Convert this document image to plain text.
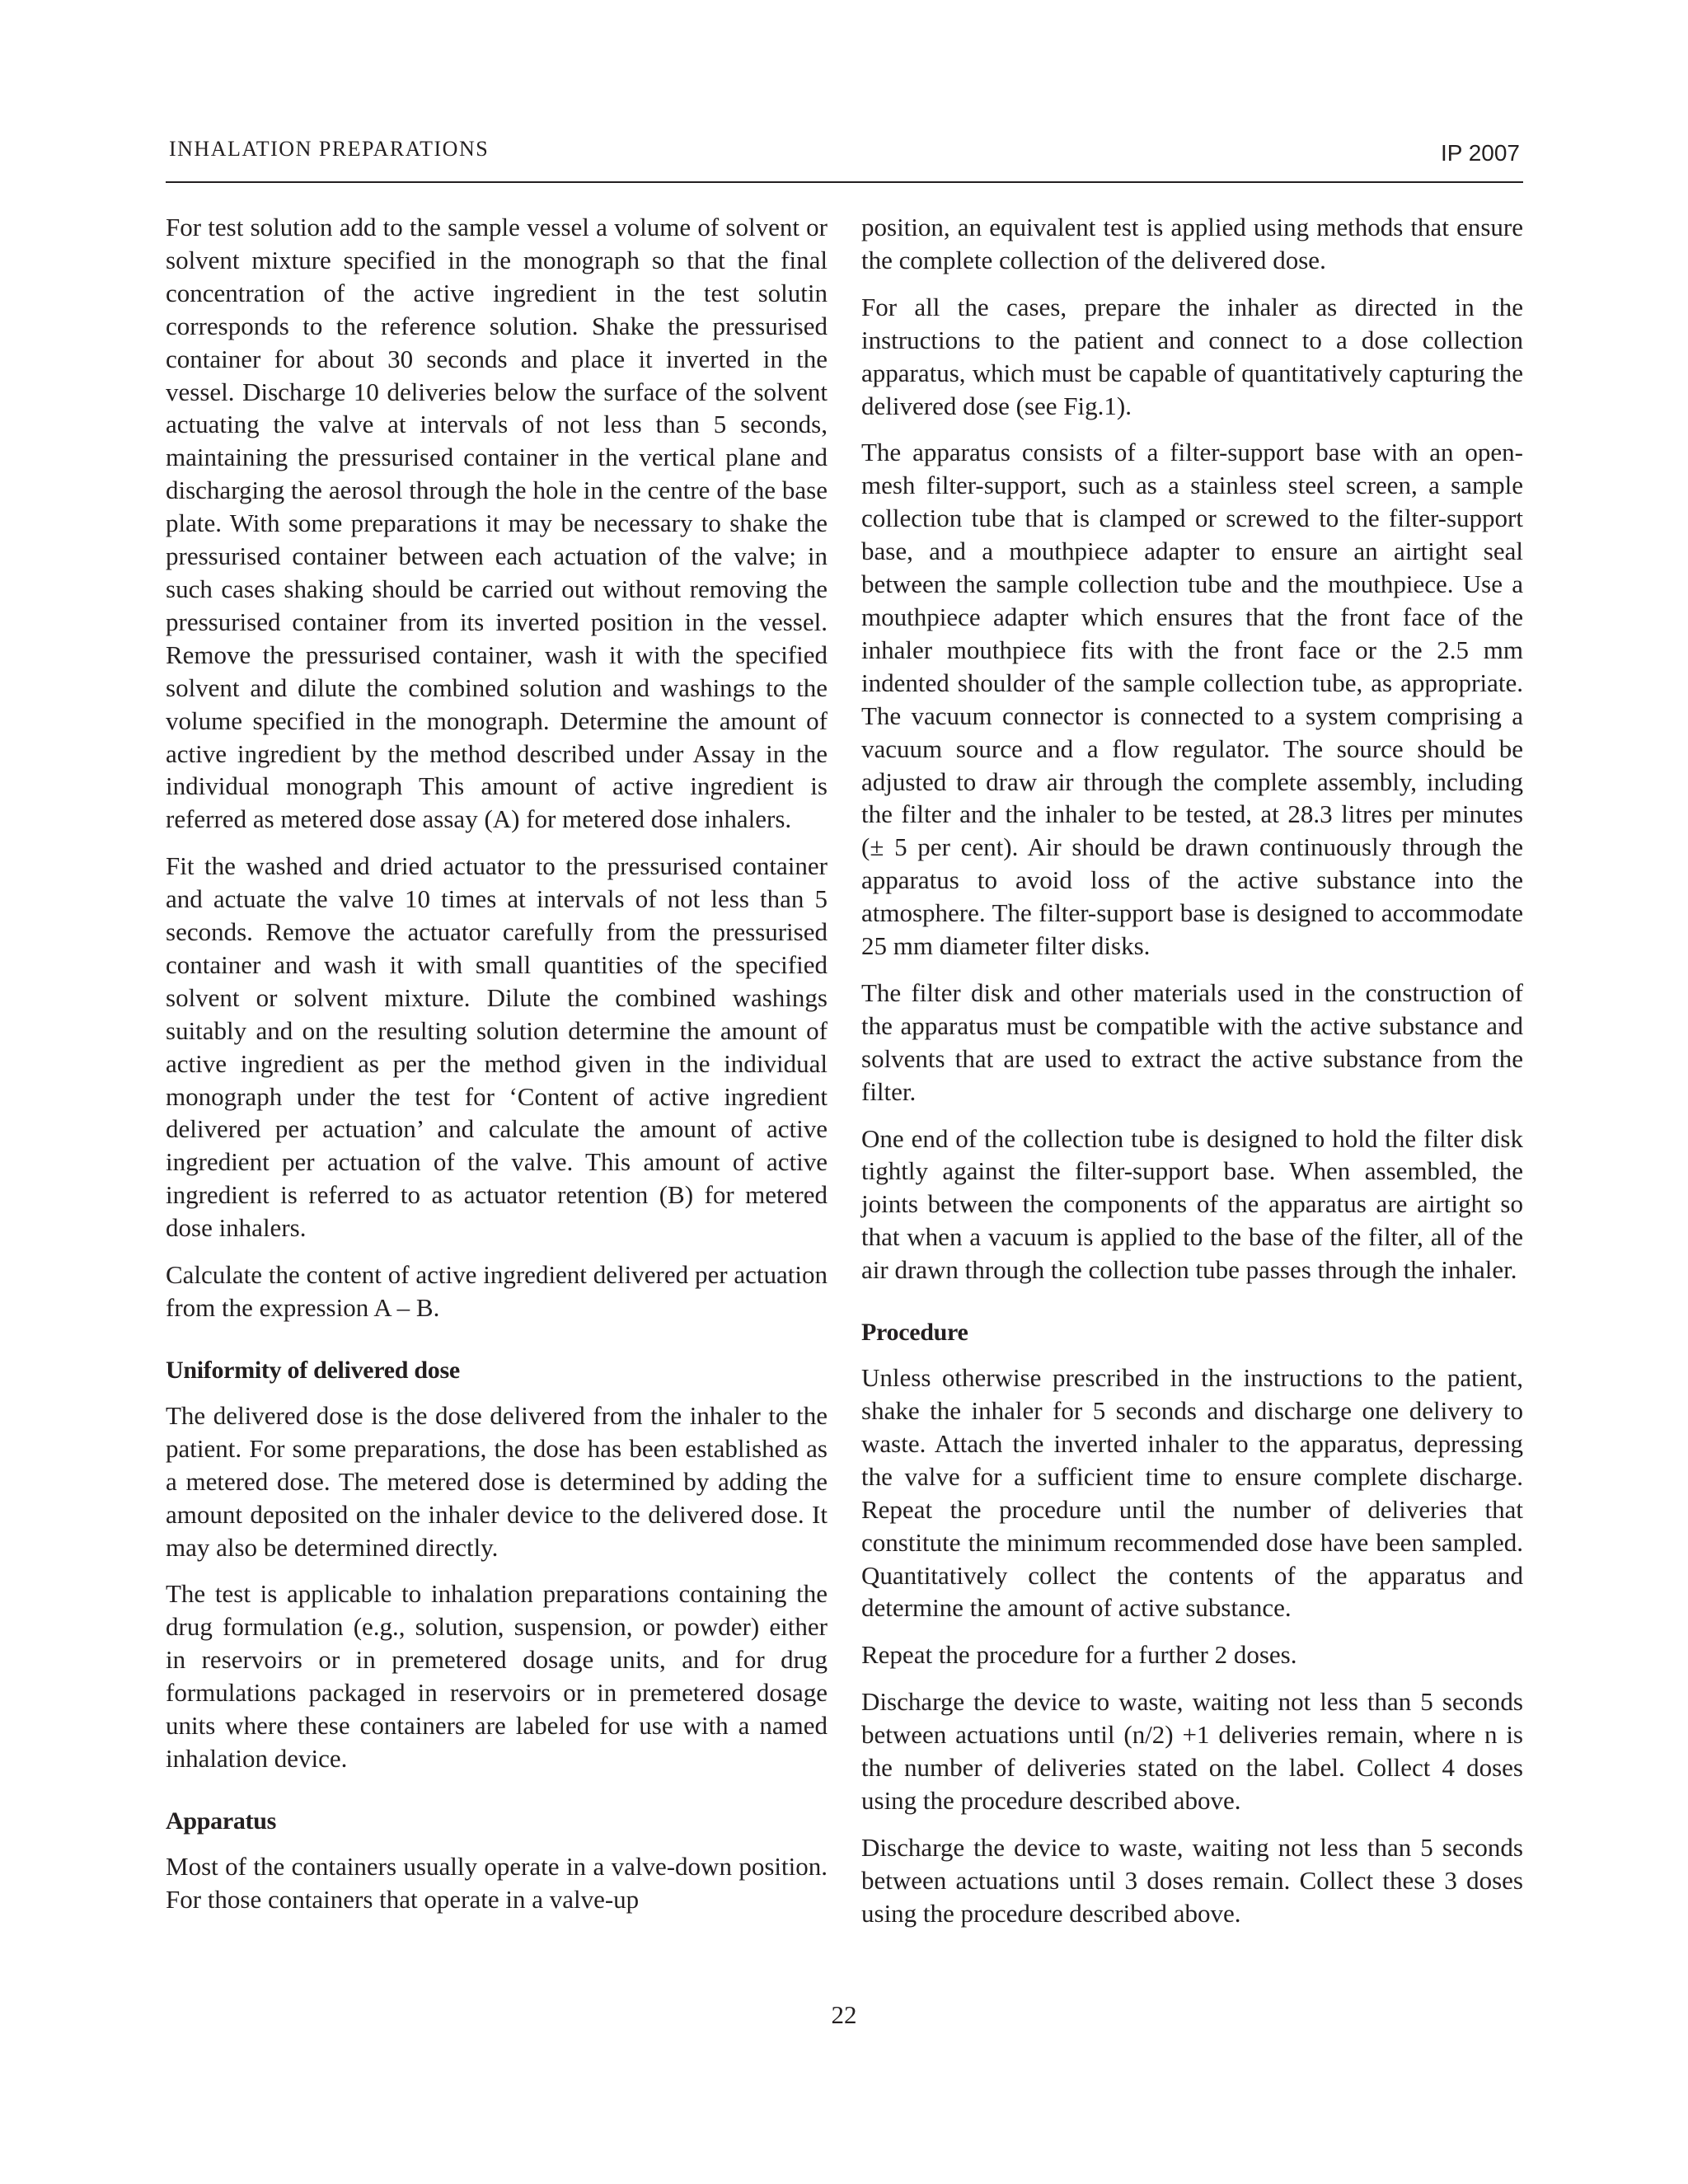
INHALATION PREPARATIONS	IP 2007

For test solution add to the sample vessel a volume of solvent or solvent mixture specified in the monograph so that the final concentration of the active ingredient in the test solutin corresponds to the reference solution. Shake the pressurised container for about 30 seconds and place it inverted in the vessel. Discharge 10 deliveries below the surface of the solvent actuating the valve at intervals of not less than 5 seconds, maintaining the pressurised container in the vertical plane and discharging the aerosol through the hole in the centre of the base plate. With some preparations it may be necessary to shake the pressurised container between each actuation of the valve; in such cases shaking should be carried out without removing the pressurised container from its inverted position in the vessel. Remove the pressurised container, wash it with the specified solvent and dilute the combined solution and washings to the volume specified in the monograph. Determine the amount of active ingredient by the method described under Assay in the individual monograph This amount of active ingredient is referred as metered dose assay (A) for metered dose inhalers.

Fit the washed and dried actuator to the pressurised container and actuate the valve 10 times at intervals of not less than 5 seconds. Remove the actuator carefully from the pressurised container and wash it with small quantities of the specified solvent or solvent mixture. Dilute the combined washings suitably and on the resulting solution determine the amount of active ingredient as per the method given in the individual monograph under the test for ‘Content of active ingredient delivered per actuation’ and calculate the amount of active ingredient per actuation of the valve. This amount of active ingredient is referred to as actuator retention (B) for metered dose inhalers.

Calculate the content of active ingredient delivered per actuation from the expression A – B.

Uniformity of delivered dose

The delivered dose is the dose delivered from the inhaler to the patient. For some preparations, the dose has been established as a metered dose. The metered dose is determined by adding the amount deposited on the inhaler device to the delivered dose. It may also be determined directly.

The test is applicable to inhalation preparations containing the drug formulation (e.g., solution, suspension, or powder) either in reservoirs or in premetered dosage units, and for drug formulations packaged in reservoirs or in premetered dosage units where these containers are labeled for use with a named inhalation device.

Apparatus

Most of the containers usually operate in a valve-down position. For those containers that operate in a valve-up

position, an equivalent test is applied using methods that ensure the complete collection of the delivered dose.

For all the cases, prepare the inhaler as directed in the instructions to the patient and connect to a dose collection apparatus, which must be capable of quantitatively capturing the delivered dose (see Fig.1).

The apparatus consists of a filter-support base with an open-mesh filter-support, such as a stainless steel screen, a sample collection tube that is clamped or screwed to the filter-support base, and a mouthpiece adapter to ensure an airtight seal between the sample collection tube and the mouthpiece. Use a mouthpiece adapter which ensures that the front face of the inhaler mouthpiece fits with the front face or the 2.5 mm indented shoulder of the sample collection tube, as appropriate. The vacuum connector is connected to a system comprising a vacuum source and a flow regulator. The source should be adjusted to draw air through the complete assembly, including the filter and the inhaler to be tested, at 28.3 litres per minutes (± 5 per cent). Air should be drawn continuously through the apparatus to avoid loss of the active substance into the atmosphere. The filter-support base is designed to accommodate 25 mm diameter filter disks.

The filter disk and other materials used in the construction of the apparatus must be compatible with the active substance and solvents that are used to extract the active substance from the filter.

One end of the collection tube is designed to hold the filter disk tightly against the filter-support base. When assembled, the joints between the components of the apparatus are airtight so that when a vacuum is applied to the base of the filter, all of the air drawn through the collection tube passes through the inhaler.

Procedure

Unless otherwise prescribed in the instructions to the patient, shake the inhaler for 5 seconds and discharge one delivery to waste. Attach the inverted inhaler to the apparatus, depressing the valve for a sufficient time to ensure complete discharge. Repeat the procedure until the number of deliveries that constitute the minimum recommended dose have been sampled. Quantitatively collect the contents of the apparatus and determine the amount of active substance.

Repeat the procedure for a further 2 doses.

Discharge the device to waste, waiting not less than 5 seconds between actuations until (n/2) +1 deliveries remain, where n is the number of deliveries stated on the label. Collect 4 doses using the procedure described above.

Discharge the device to waste, waiting not less than 5 seconds between actuations until 3 doses remain. Collect these 3 doses using the procedure described above.

22
